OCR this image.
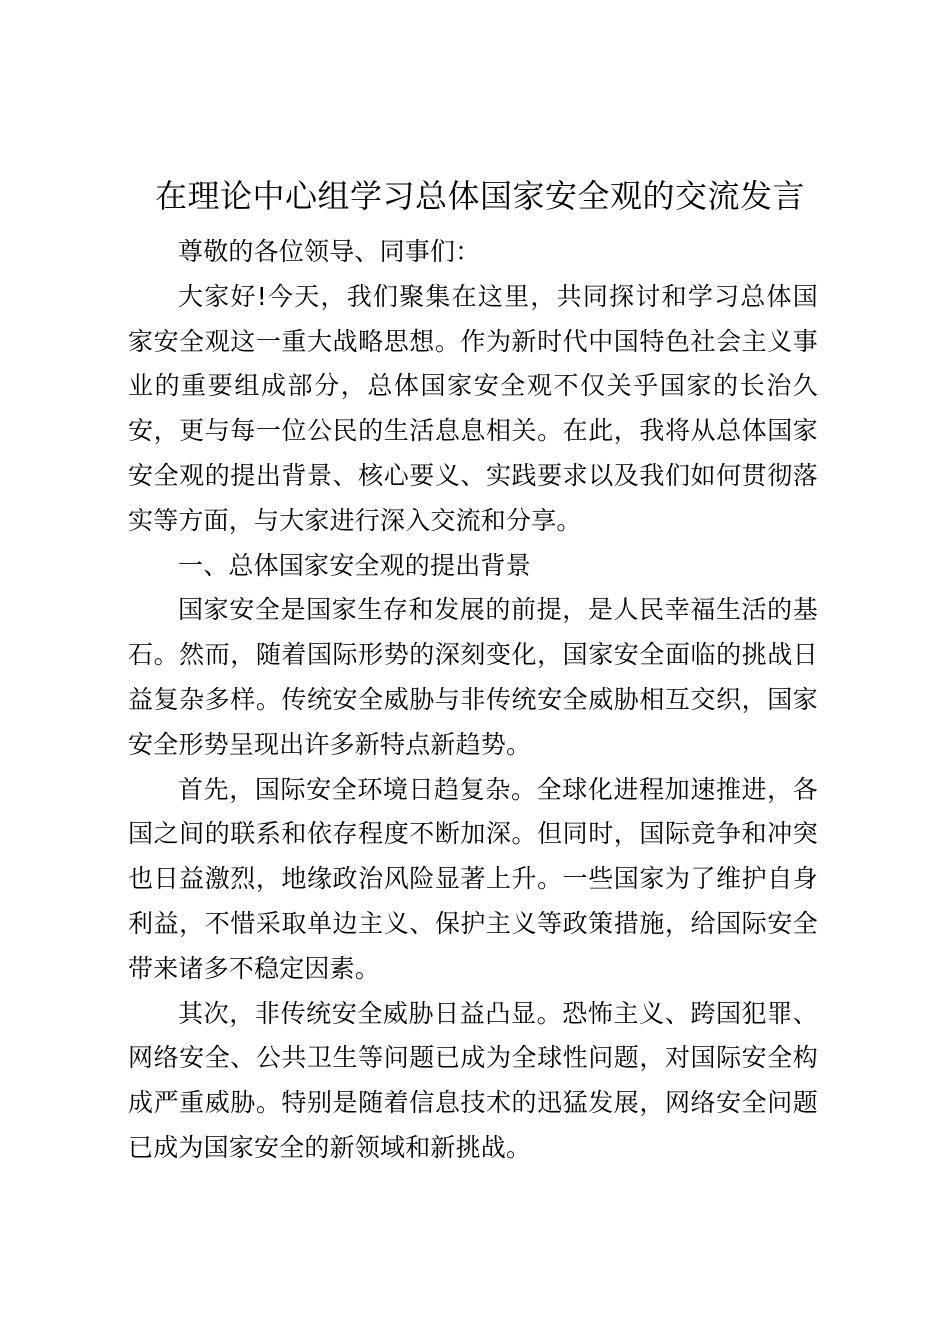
在理论中心组学习总体国家安全观的交流发言

尊敬的各位领导、同事们：

大家好!今天，我们聚集在这里，共同探讨和学习总体国家安全观这一重大战略思想。作为新时代中国特色社会主义事业的重要组成部分，总体国家安全观不仅关乎国家的长治久安，更与每一位公民的生活息息相关。在此，我将从总体国家安全观的提出背景、核心要义、实践要求以及我们如何贯彻落实等方面，与大家进行深入交流和分享。

一、总体国家安全观的提出背景

国家安全是国家生存和发展的前提，是人民幸福生活的基石。然而，随着国际形势的深刻变化，国家安全面临的挑战日益复杂多样。传统安全威胁与非传统安全威胁相互交织，国家安全形势呈现出许多新特点新趋势。

首先，国际安全环境日趋复杂。全球化进程加速推进，各国之间的联系和依存程度不断加深。但同时，国际竞争和冲突也日益激烈，地缘政治风险显著上升。一些国家为了维护自身利益，不惜采取单边主义、保护主义等政策措施，给国际安全带来诸多不稳定因素。

其次，非传统安全威胁日益凸显。恐怖主义、跨国犯罪、网络安全、公共卫生等问题已成为全球性问题，对国际安全构成严重威胁。特别是随着信息技术的迅猛发展，网络安全问题已成为国家安全的新领域和新挑战。
